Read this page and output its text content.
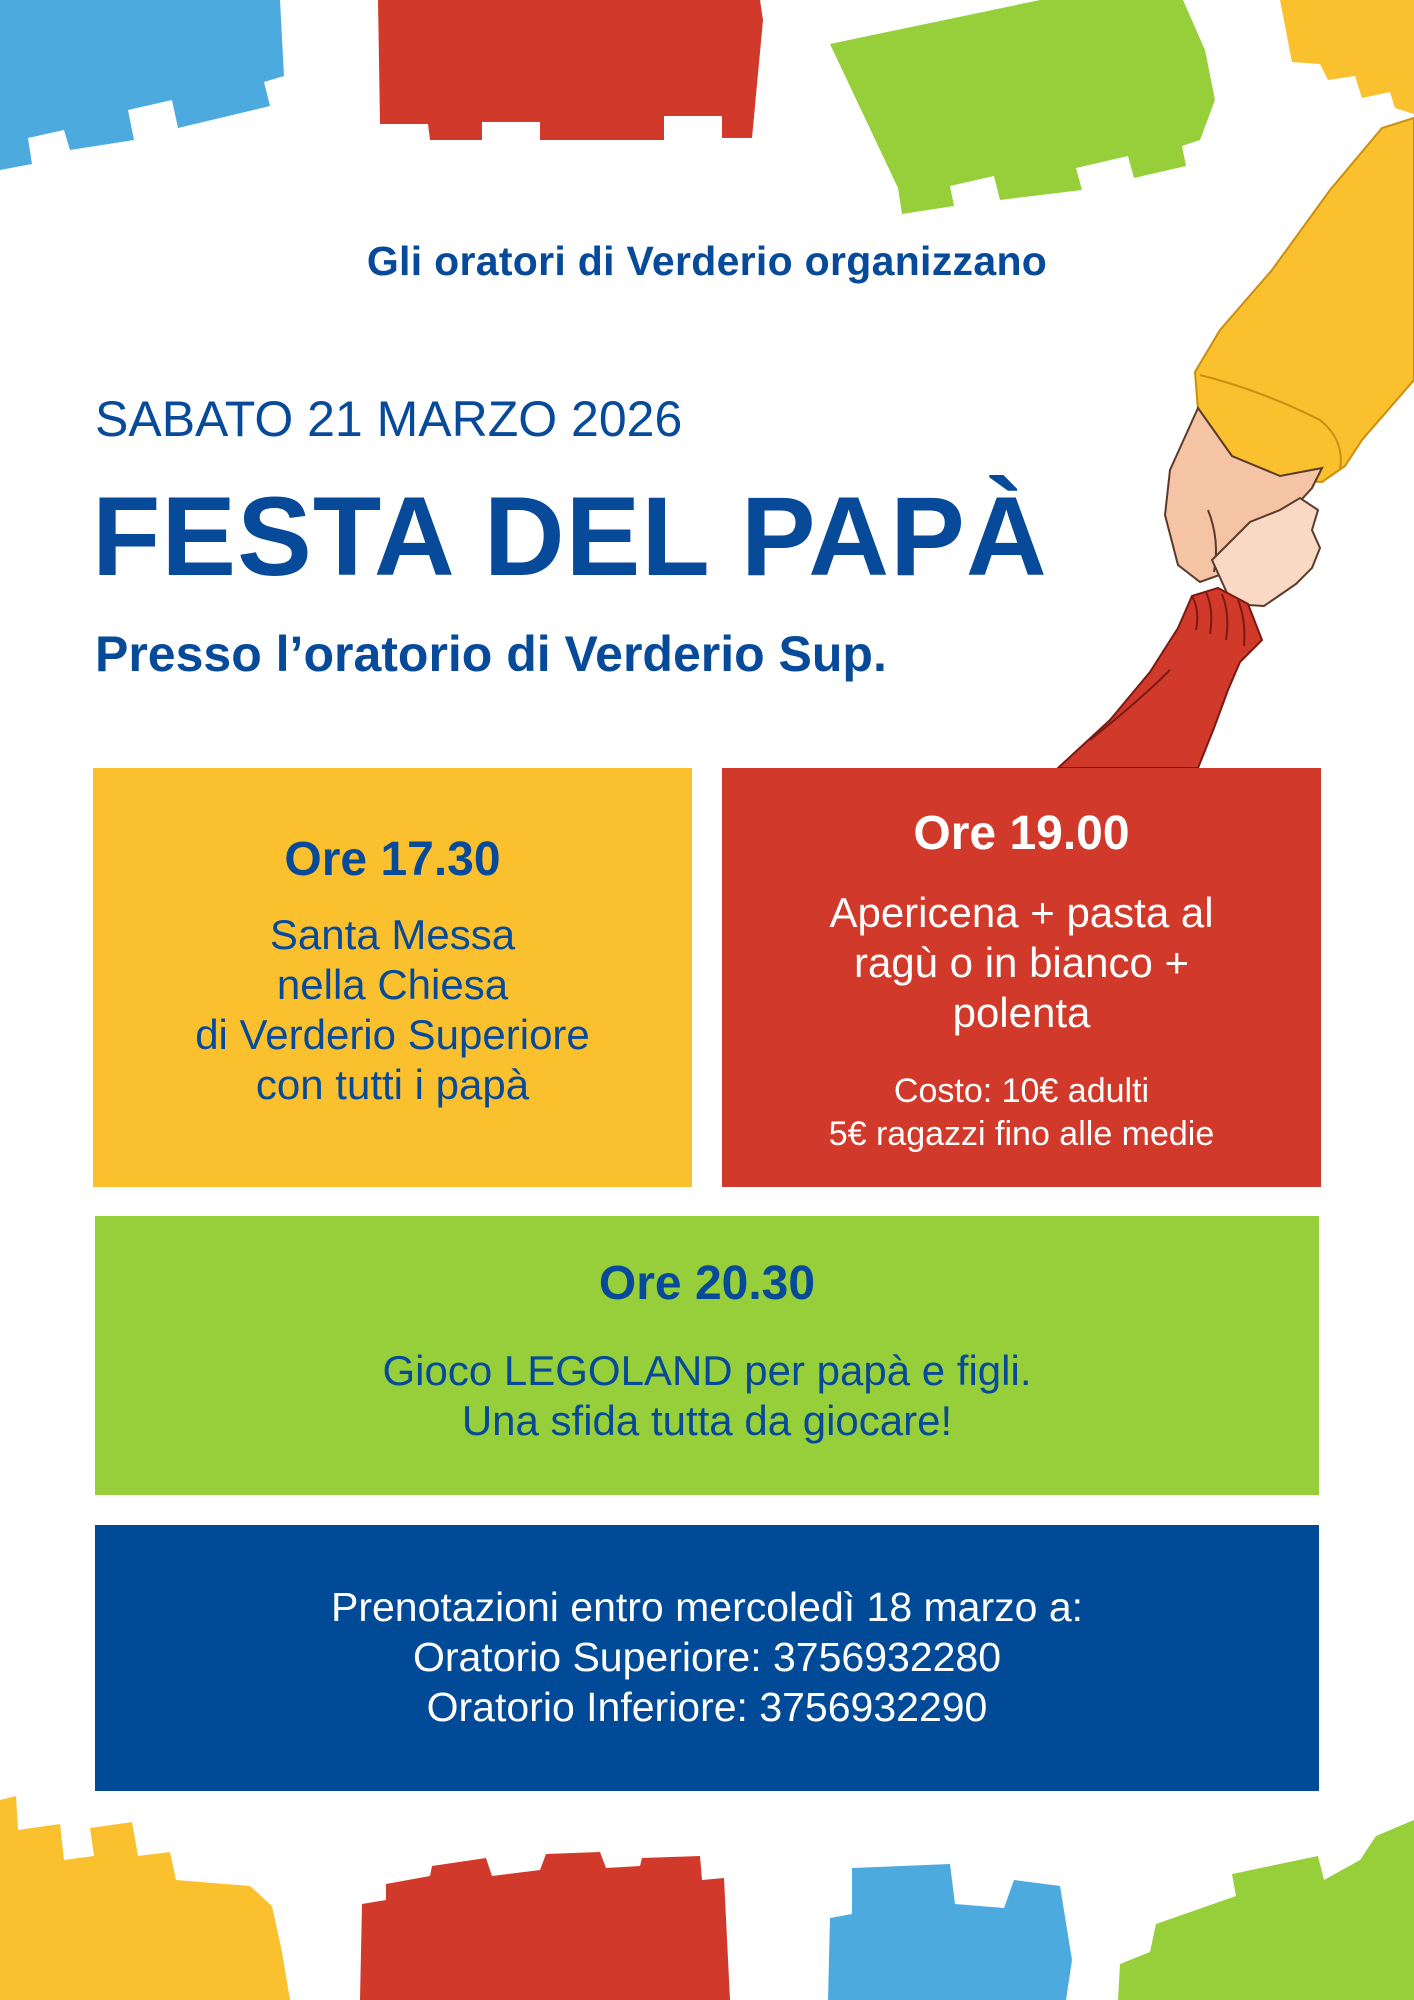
Gli oratori di Verderio organizzano
SABATO 21 MARZO 2026
FESTA DEL PAPÀ
Presso l’oratorio di Verderio Sup.
Ore 17.30
Santa Messa
nella Chiesa
di Verderio Superiore
con tutti i papà
Ore 19.00
Apericena + pasta al
ragù o in bianco +
polenta
Costo: 10€ adulti
5€ ragazzi fino alle medie
Ore 20.30
Gioco LEGOLAND per papà e figli.
Una sfida tutta da giocare!
Prenotazioni entro mercoledì 18 marzo a:
Oratorio Superiore: 3756932280
Oratorio Inferiore: 3756932290
